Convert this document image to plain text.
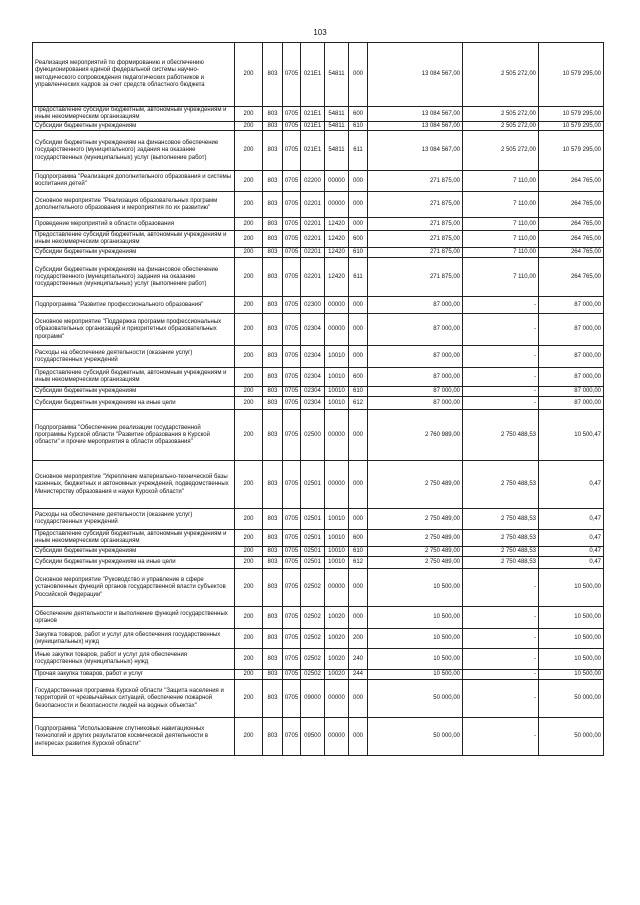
103
Реализация мероприятий по формированию и обеспечению функционирования единой федеральной системы научно-методического сопровождения педагогических работников и управленческих кадров за счет средств областного бюджета	200	803	0705	021E1	54811	000	13 084 567,00	2 505 272,00	10 579 295,00
Предоставление субсидий бюджетным, автономным учреждениям и иным некоммерческим организациям	200	803	0705	021E1	54811	600	13 084 567,00	2 505 272,00	10 579 295,00
Субсидии бюджетным учреждениям	200	803	0705	021E1	54811	610	13 084 567,00	2 505 272,00	10 579 295,00
Субсидии бюджетным учреждениям на финансовое обеспечение государственного (муниципального) задания на оказание государственных (муниципальных) услуг (выполнение работ)	200	803	0705	021E1	54811	611	13 084 567,00	2 505 272,00	10 579 295,00
Подпрограмма "Реализация дополнительного образования и системы воспитания детей"	200	803	0705	02200	00000	000	271 875,00	7 110,00	264 765,00
Основное мероприятие "Реализация образовательных программ дополнительного образования и мероприятия по их развитию"	200	803	0705	02201	00000	000	271 875,00	7 110,00	264 765,00
Проведение мероприятий в области образования	200	803	0705	02201	12420	000	271 875,00	7 110,00	264 765,00
Предоставление субсидий бюджетным, автономным учреждениям и иным некоммерческим организациям	200	803	0705	02201	12420	600	271 875,00	7 110,00	264 765,00
Субсидии бюджетным учреждениям	200	803	0705	02201	12420	610	271 875,00	7 110,00	264 765,00
Субсидии бюджетным учреждениям на финансовое обеспечение государственного (муниципального) задания на оказание государственных (муниципальных) услуг (выполнение работ)	200	803	0705	02201	12420	611	271 875,00	7 110,00	264 765,00
Подпрограмма "Развитие профессионального образования"	200	803	0705	02300	00000	000	87 000,00	-	87 000,00
Основное мероприятие "Поддержка программ профессиональных образовательных организаций и приоритетных образовательных программ"	200	803	0705	02304	00000	000	87 000,00	-	87 000,00
Расходы на обеспечение деятельности (оказание услуг) государственных учреждений	200	803	0705	02304	10010	000	87 000,00	-	87 000,00
Предоставление субсидий бюджетным, автономным учреждениям и иным некоммерческим организациям	200	803	0705	02304	10010	600	87 000,00	-	87 000,00
Субсидии бюджетным учреждениям	200	803	0705	02304	10010	610	87 000,00	-	87 000,00
Субсидии бюджетным учреждениям на иные цели	200	803	0705	02304	10010	612	87 000,00	-	87 000,00
Подпрограмма "Обеспечение реализации государственной программы Курской области "Развитие образования в Курской области" и прочие мероприятия в области образования"	200	803	0705	02500	00000	000	2 760 989,00	2 750 488,53	10 500,47
Основное мероприятие "Укрепление материально-технической базы казенных, бюджетных и автономных учреждений, подведомственных Министерству образования и науки Курской области"	200	803	0705	02501	00000	000	2 750 489,00	2 750 488,53	0,47
Расходы на обеспечение деятельности (оказание услуг) государственных учреждений	200	803	0705	02501	10010	000	2 750 489,00	2 750 488,53	0,47
Предоставление субсидий бюджетным, автономным учреждениям и иным некоммерческим организациям	200	803	0705	02501	10010	600	2 750 489,00	2 750 488,53	0,47
Субсидии бюджетным учреждениям	200	803	0705	02501	10010	610	2 750 489,00	2 750 488,53	0,47
Субсидии бюджетным учреждениям на иные цели	200	803	0705	02501	10010	612	2 750 489,00	2 750 488,53	0,47
Основное мероприятие "Руководство и управление в сфере установленных функций органов государственной власти субъектов Российской Федерации"	200	803	0705	02502	00000	000	10 500,00	-	10 500,00
Обеспечение деятельности и выполнение функций государственных органов	200	803	0705	02502	10020	000	10 500,00	-	10 500,00
Закупка товаров, работ и услуг для обеспечения государственных (муниципальных) нужд	200	803	0705	02502	10020	200	10 500,00	-	10 500,00
Иные закупки товаров, работ и услуг для обеспечения государственных (муниципальных) нужд	200	803	0705	02502	10020	240	10 500,00	-	10 500,00
Прочая закупка товаров, работ и услуг	200	803	0705	02502	10020	244	10 500,00	-	10 500,00
Государственная программа Курской области "Защита населения и территорий от чрезвычайных ситуаций, обеспечение пожарной безопасности и безопасности людей на водных объектах"	200	803	0705	09000	00000	000	50 000,00	-	50 000,00
Подпрограмма "Использование спутниковых навигационных технологий и других результатов космической деятельности в интересах развития Курской области"	200	803	0705	09500	00000	000	50 000,00	-	50 000,00
